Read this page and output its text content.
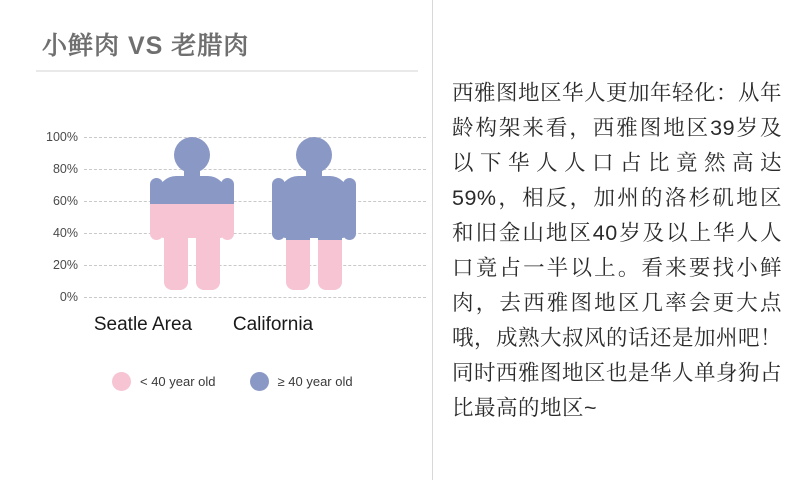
小鲜肉 VS 老腊肉
100%
80%
60%
40%
20%
0%
Seatle Area	California
< 40 year old	≥ 40 year old
西雅图地区华人更加年轻化：从年龄构架来看，西雅图地区39岁及以下华人人口占比竟然高达59%，相反，加州的洛杉矶地区和旧金山地区40岁及以上华人人口竟占一半以上。看来要找小鲜肉，去西雅图地区几率会更大点哦，成熟大叔风的话还是加州吧！同时西雅图地区也是华人单身狗占比最高的地区~
